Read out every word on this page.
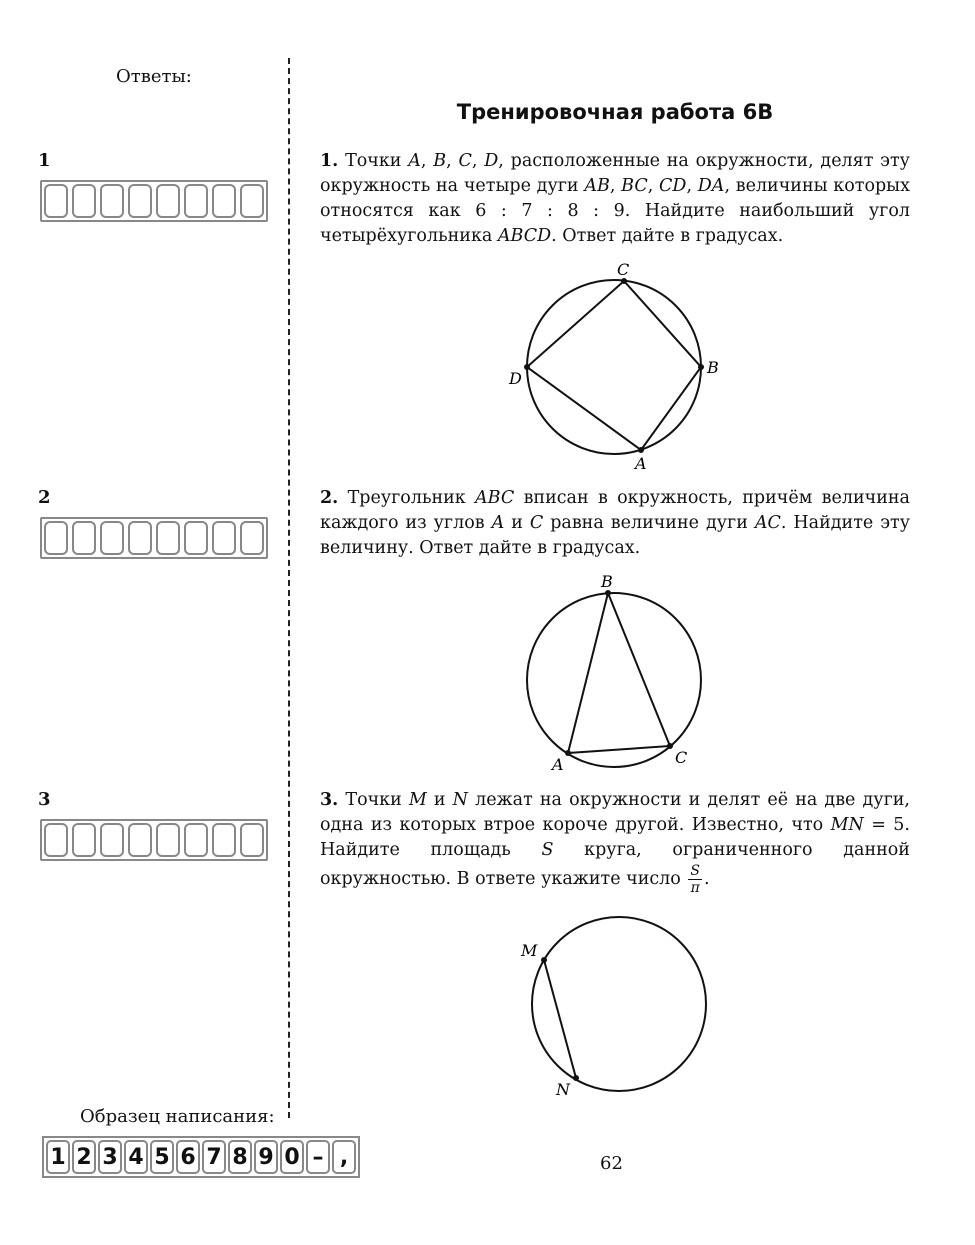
Ответы:
1
2
3
Тренировочная работа 6В
1. Точки A, B, C, D, расположенные на окружности, делят эту окружность на четыре дуги AB, BC, CD, DA, величины которых относятся как 6 : 7 : 8 : 9. Найдите наибольший угол четырёхугольника ABCD. Ответ дайте в градусах.
C
B
D
A
2. Треугольник ABC вписан в окружность, причём величина каждого из углов A и C равна величине дуги AC. Найдите эту величину. Ответ дайте в градусах.
B
A	C
3. Точки M и N лежат на окружности и делят её на две дуги, одна из которых втрое короче другой. Известно, что MN = 5. Найдите площадь S круга, ограниченного данной окружностью. В ответе укажите число $\frac{S}{\pi}$ .
M
N
Образец написания:
1 2 3 4 5 6 7 8 9 0 – ,	62
